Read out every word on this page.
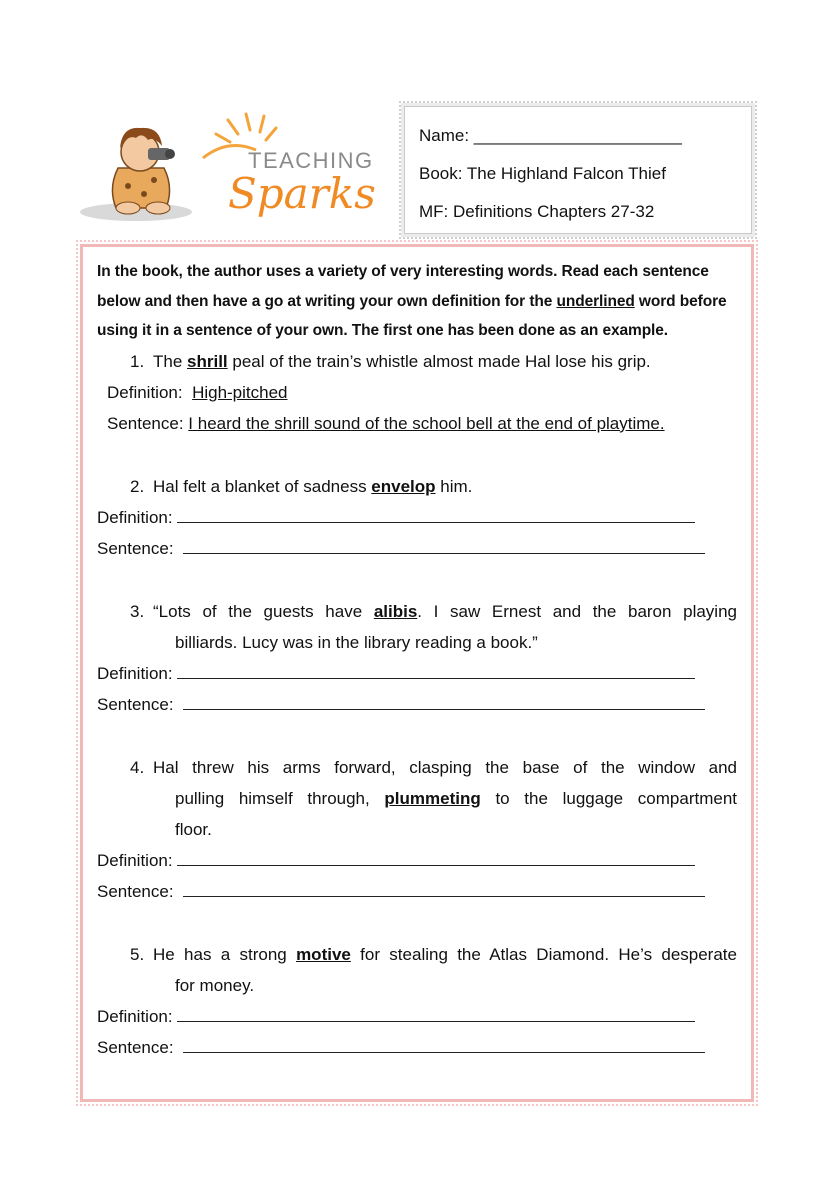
TEACHING
Sparks
Name: ______________________
Book: The Highland Falcon Thief
MF: Definitions Chapters 27-32

In the book, the author uses a variety of very interesting words. Read each sentence below and then have a go at writing your own definition for the underlined word before using it in a sentence of your own. The first one has been done as an example.

1. The shrill peal of the train’s whistle almost made Hal lose his grip.
Definition: High-pitched
Sentence: I heard the shrill sound of the school bell at the end of playtime.
2. Hal felt a blanket of sadness envelop him.
Definition:
Sentence:
3. “Lots of the guests have alibis. I saw Ernest and the baron playing
billiards. Lucy was in the library reading a book.”
Definition:
Sentence:
4. Hal threw his arms forward, clasping the base of the window and
pulling himself through, plummeting to the luggage compartment
floor.
Definition:
Sentence:
5. He has a strong motive for stealing the Atlas Diamond. He’s desperate
for money.
Definition:
Sentence:
